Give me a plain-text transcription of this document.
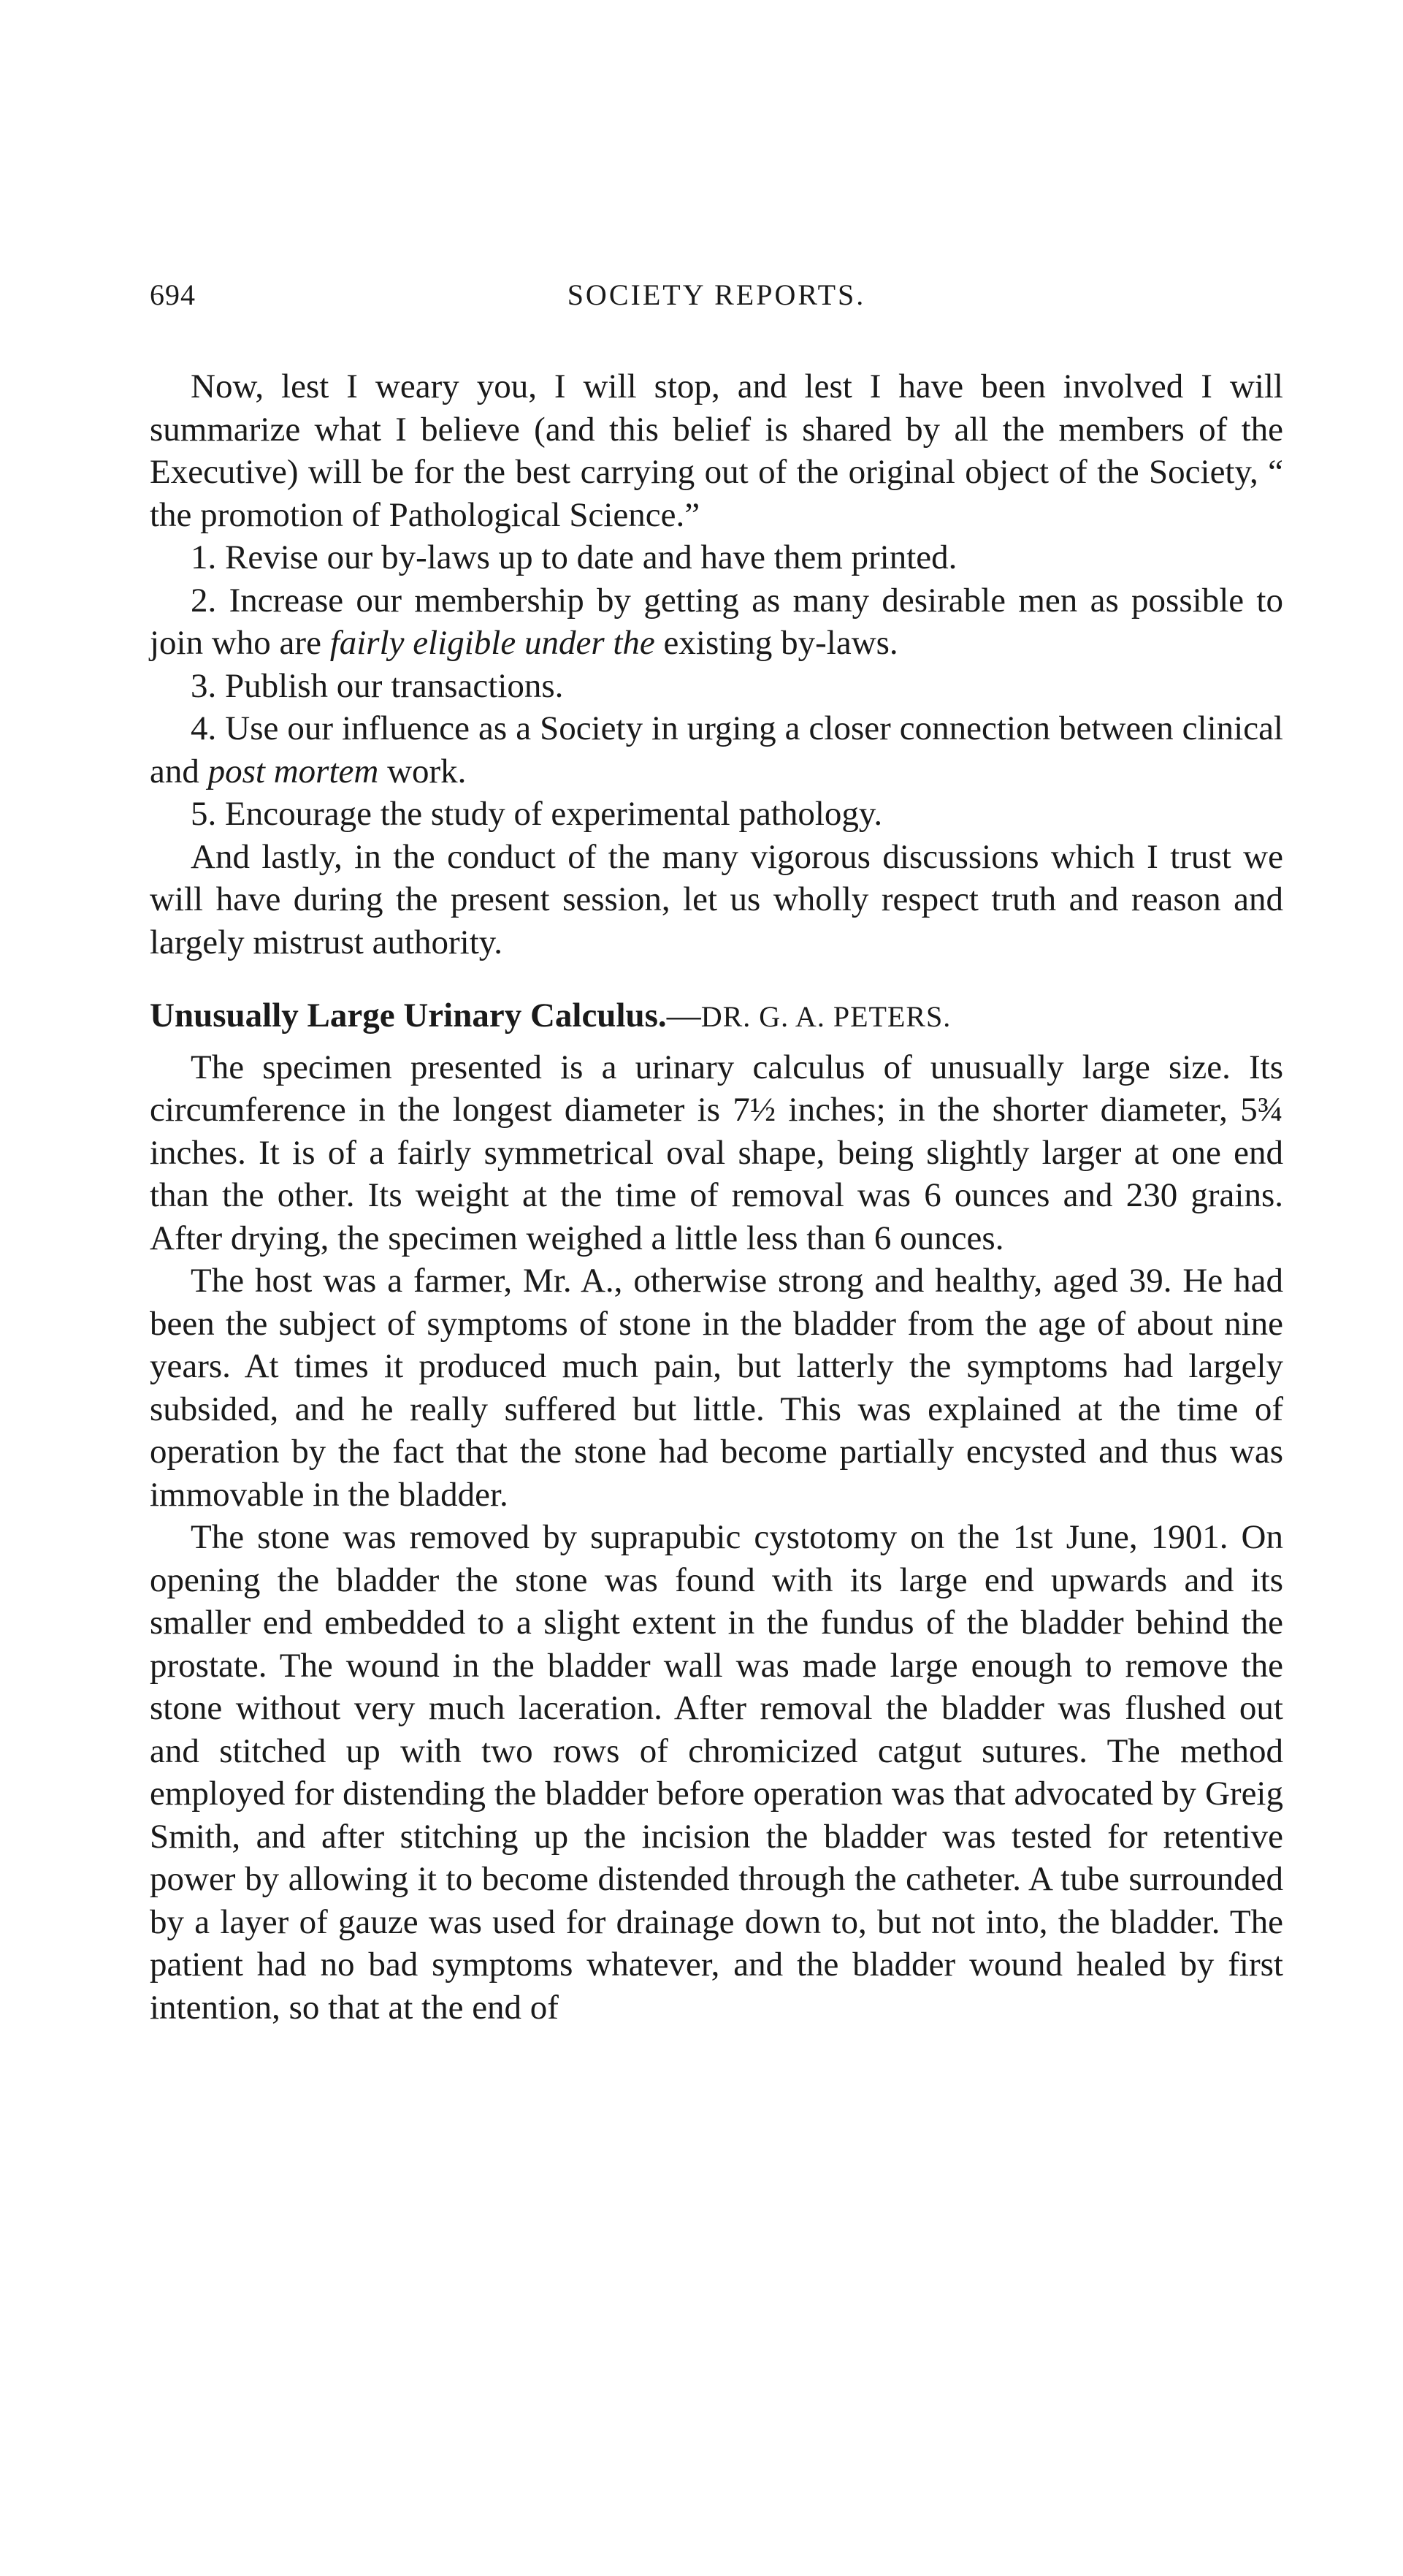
694	SOCIETY REPORTS.

Now, lest I weary you, I will stop, and lest I have been involved I will summarize what I believe (and this belief is shared by all the members of the Executive) will be for the best carrying out of the original object of the Society, “ the promotion of Pathological Science.”

1. Revise our by-laws up to date and have them printed.

2. Increase our membership by getting as many desirable men as possible to join who are fairly eligible under the existing by-laws.

3. Publish our transactions.

4. Use our influence as a Society in urging a closer connection between clinical and post mortem work.

5. Encourage the study of experimental pathology.

And lastly, in the conduct of the many vigorous discussions which I trust we will have during the present session, let us wholly respect truth and reason and largely mistrust authority.

Unusually Large Urinary Calculus.—DR. G. A. PETERS.

The specimen presented is a urinary calculus of unusually large size. Its circumference in the longest diameter is 7½ inches; in the shorter diameter, 5¾ inches. It is of a fairly symmetrical oval shape, being slightly larger at one end than the other. Its weight at the time of removal was 6 ounces and 230 grains. After drying, the specimen weighed a little less than 6 ounces.

The host was a farmer, Mr. A., otherwise strong and healthy, aged 39. He had been the subject of symptoms of stone in the bladder from the age of about nine years. At times it produced much pain, but latterly the symptoms had largely subsided, and he really suffered but little. This was explained at the time of operation by the fact that the stone had become partially encysted and thus was immovable in the bladder.

The stone was removed by suprapubic cystotomy on the 1st June, 1901. On opening the bladder the stone was found with its large end upwards and its smaller end embedded to a slight extent in the fundus of the bladder behind the prostate. The wound in the bladder wall was made large enough to remove the stone without very much laceration. After removal the bladder was flushed out and stitched up with two rows of chromicized catgut sutures. The method employed for distending the bladder before operation was that advocated by Greig Smith, and after stitching up the incision the bladder was tested for retentive power by allowing it to become distended through the catheter. A tube surrounded by a layer of gauze was used for drainage down to, but not into, the bladder. The patient had no bad symptoms whatever, and the bladder wound healed by first intention, so that at the end of
